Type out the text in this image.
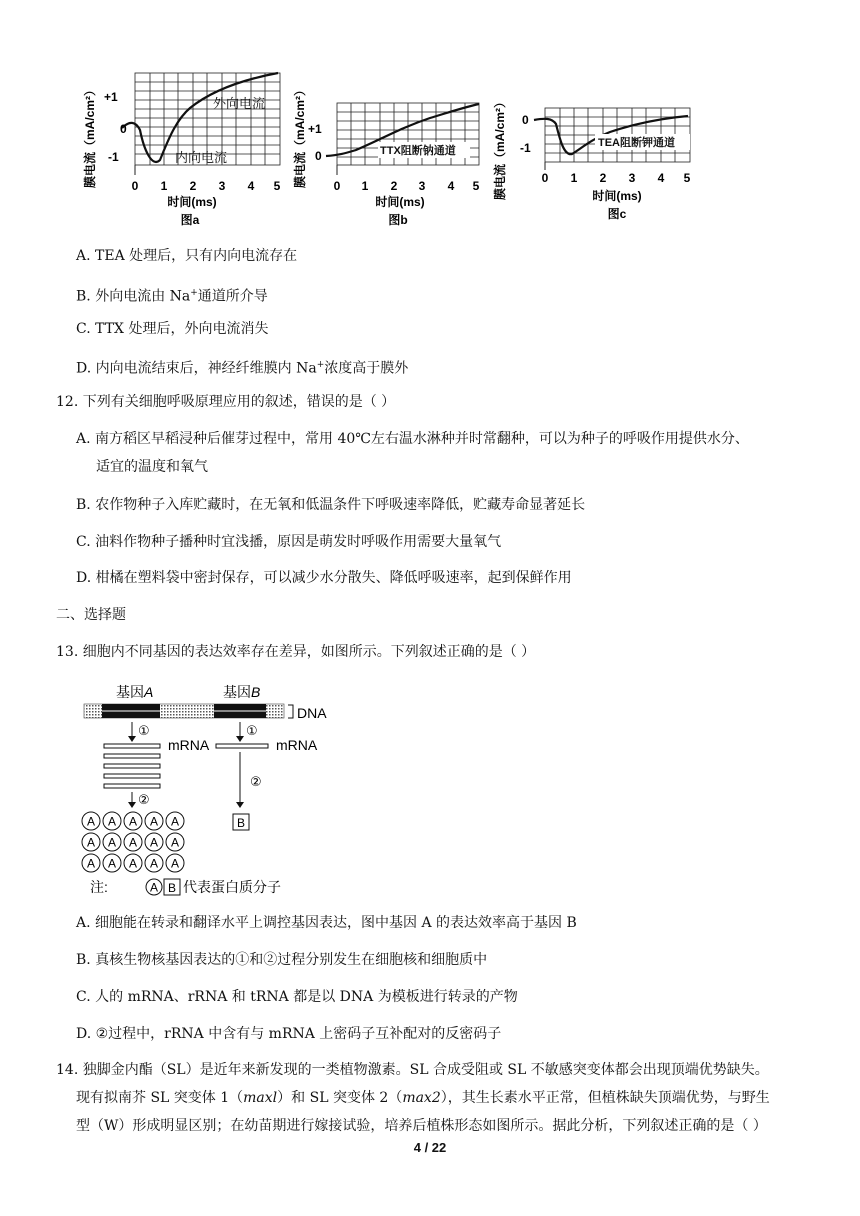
外向电流
内向电流
+1
0
-1
0 1 2 3 4 5
时间(ms)
图a
膜电流（mA/cm²）	TTX阻断钠通道
+1
0
0 1 2 3 4 5
时间(ms)
图b
膜电流（mA/cm²）	TEA阻断钾通道
0
-1
0 1 2 3 4 5
时间(ms)
图c
膜电流（mA/cm²）
A. TEA 处理后，只有内向电流存在
B. 外向电流由 Na+通道所介导
C. TTX 处理后，外向电流消失
D. 内向电流结束后，神经纤维膜内 Na+浓度高于膜外
12. 下列有关细胞呼吸原理应用的叙述，错误的是（ ）
A. 南方稻区早稻浸种后催芽过程中，常用 40℃左右温水淋种并时常翻种，可以为种子的呼吸作用提供水分、
适宜的温度和氧气
B. 农作物种子入库贮藏时，在无氧和低温条件下呼吸速率降低，贮藏寿命显著延长
C. 油料作物种子播种时宜浅播，原因是萌发时呼吸作用需要大量氧气
D. 柑橘在塑料袋中密封保存，可以减少水分散失、降低呼吸速率，起到保鲜作用
二、选择题
13. 细胞内不同基因的表达效率存在差异，如图所示。下列叙述正确的是（ ）
基因A	基因B
DNA
①	①
mRNA	mRNA
②
②
B
A A A A A
A A A A A
A A A A A
注:	A B 代表蛋白质分子
A. 细胞能在转录和翻译水平上调控基因表达，图中基因 A 的表达效率高于基因 B
B. 真核生物核基因表达的①和②过程分别发生在细胞核和细胞质中
C. 人的 mRNA、rRNA 和 tRNA 都是以 DNA 为模板进行转录的产物
D. ②过程中，rRNA 中含有与 mRNA 上密码子互补配对的反密码子
14. 独脚金内酯（SL）是近年来新发现的一类植物激素。SL 合成受阻或 SL 不敏感突变体都会出现顶端优势缺失。
现有拟南芥 SL 突变体 1（maxl）和 SL 突变体 2（max2），其生长素水平正常，但植株缺失顶端优势，与野生
型（W）形成明显区别；在幼苗期进行嫁接试验，培养后植株形态如图所示。据此分析，下列叙述正确的是（ ）
4 / 22
